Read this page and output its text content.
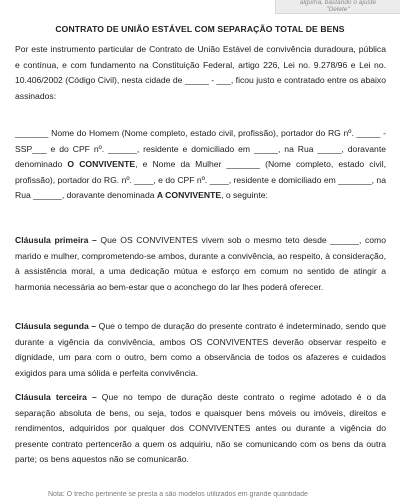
alguma, bastando o ajuste
"Delete"
CONTRATO DE UNIÃO ESTÁVEL COM SEPARAÇÃO TOTAL DE BENS

Por este instrumento particular de Contrato de União Estável de convivência duradoura, pública e contínua, e com fundamento na Constituição Federal, artigo 226, Lei no. 9.278/96 e Lei no. 10.406/2002 (Código Civil), nesta cidade de _____ - ___, ficou justo e contratado entre os abaixo assinados:

_______ Nome do Homem (Nome completo, estado civil, profissão), portador do RG nº. _____ - SSP___ e do CPF nº. ______, residente e domiciliado em _____, na Rua _____, doravante denominado O CONVIVENTE, e Nome da Mulher _______ (Nome completo, estado civil, profissão), portador do RG. nº. ____, e do CPF nº. ____, residente e domiciliado em _______, na Rua ______, doravante denominada A CONVIVENTE, o seguinte:

Cláusula primeira – Que OS CONVIVENTES vivem sob o mesmo teto desde ______, como marido e mulher, comprometendo-se ambos, durante a convivência, ao respeito, à consideração, à assistência moral, a uma dedicação mútua e esforço em comum no sentido de atingir a harmonia necessária ao bem-estar que o aconchego do lar lhes poderá oferecer.

Cláusula segunda – Que o tempo de duração do presente contrato é indeterminado, sendo que durante a vigência da convivência, ambos OS CONVIVENTES deverão observar respeito e dignidade, um para com o outro, bem como a observância de todos os afazeres e cuidados exigidos para uma sólida e perfeita convivência.

Cláusula terceira – Que no tempo de duração deste contrato o regime adotado é o da separação absoluta de bens, ou seja, todos e quaisquer bens móveis ou imóveis, direitos e rendimentos, adquiridos por qualquer dos CONVIVENTES antes ou durante a vigência do presente contrato pertencerão a quem os adquiriu, não se comunicando com os bens da outra parte; os bens aquestos não se comunicarão.

Nota: O trecho pertinente se presta a são modelos utilizados em grande quantidade
